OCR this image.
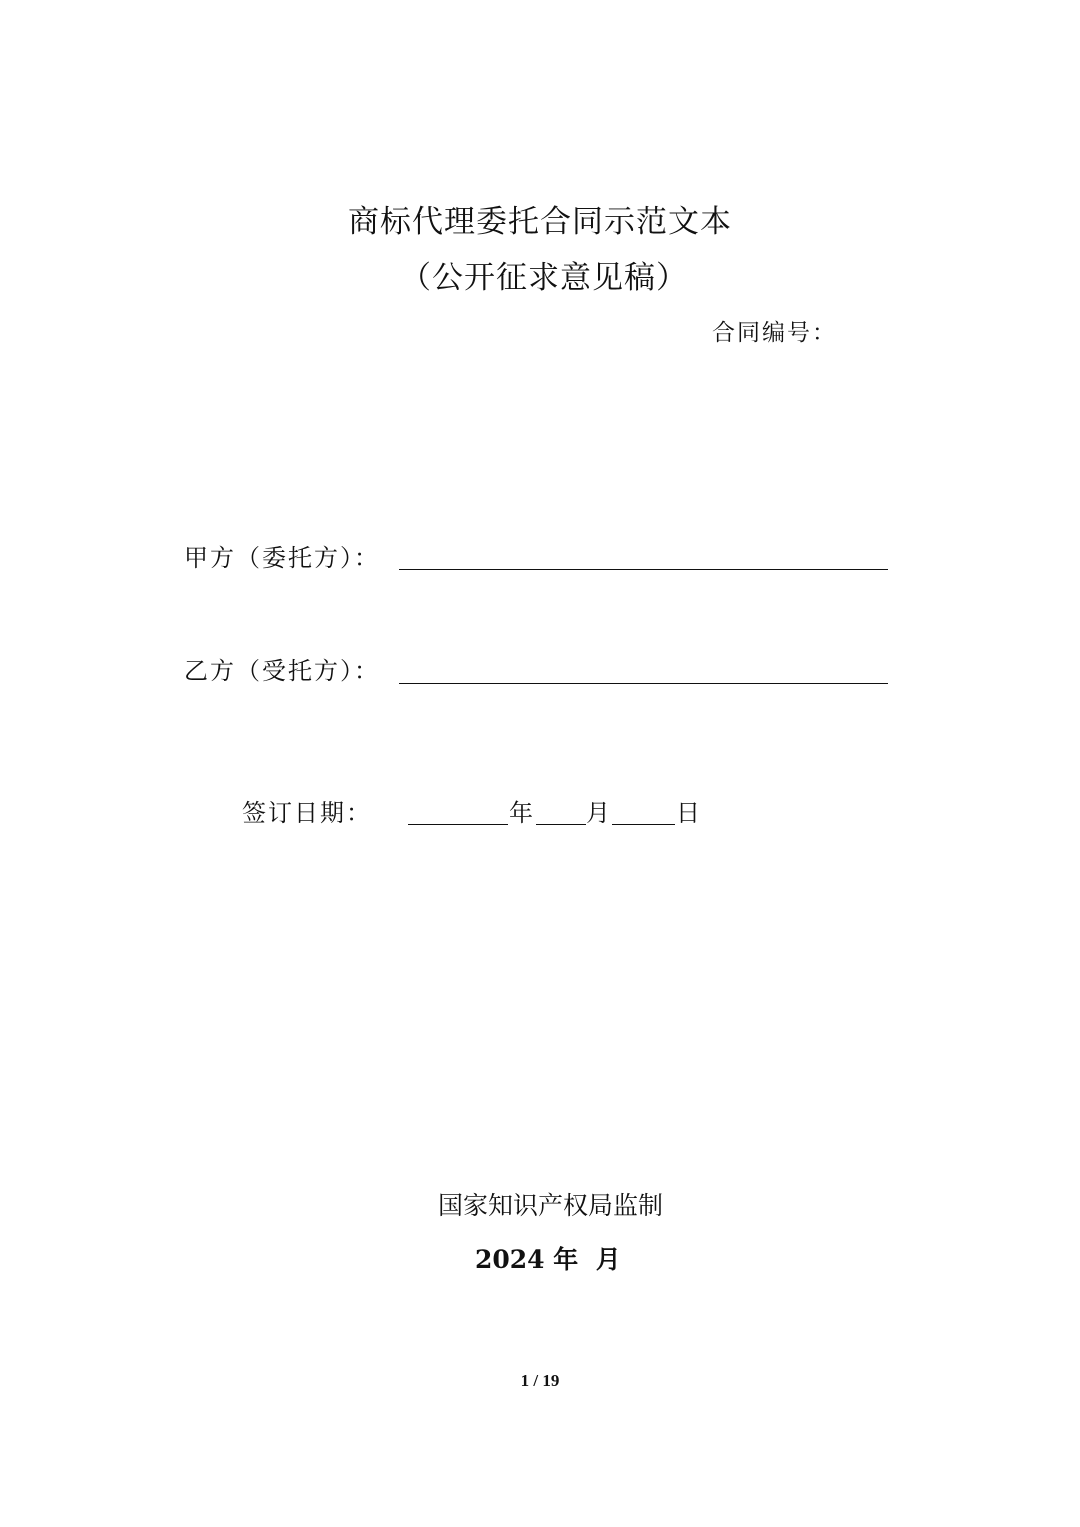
商标代理委托合同示范文本
（公开征求意见稿）
合同编号：
甲方（委托方）：
乙方（受托方）：
签订日期：	年 月	日
国家知识产权局监制
2024 年  月
1 / 19
